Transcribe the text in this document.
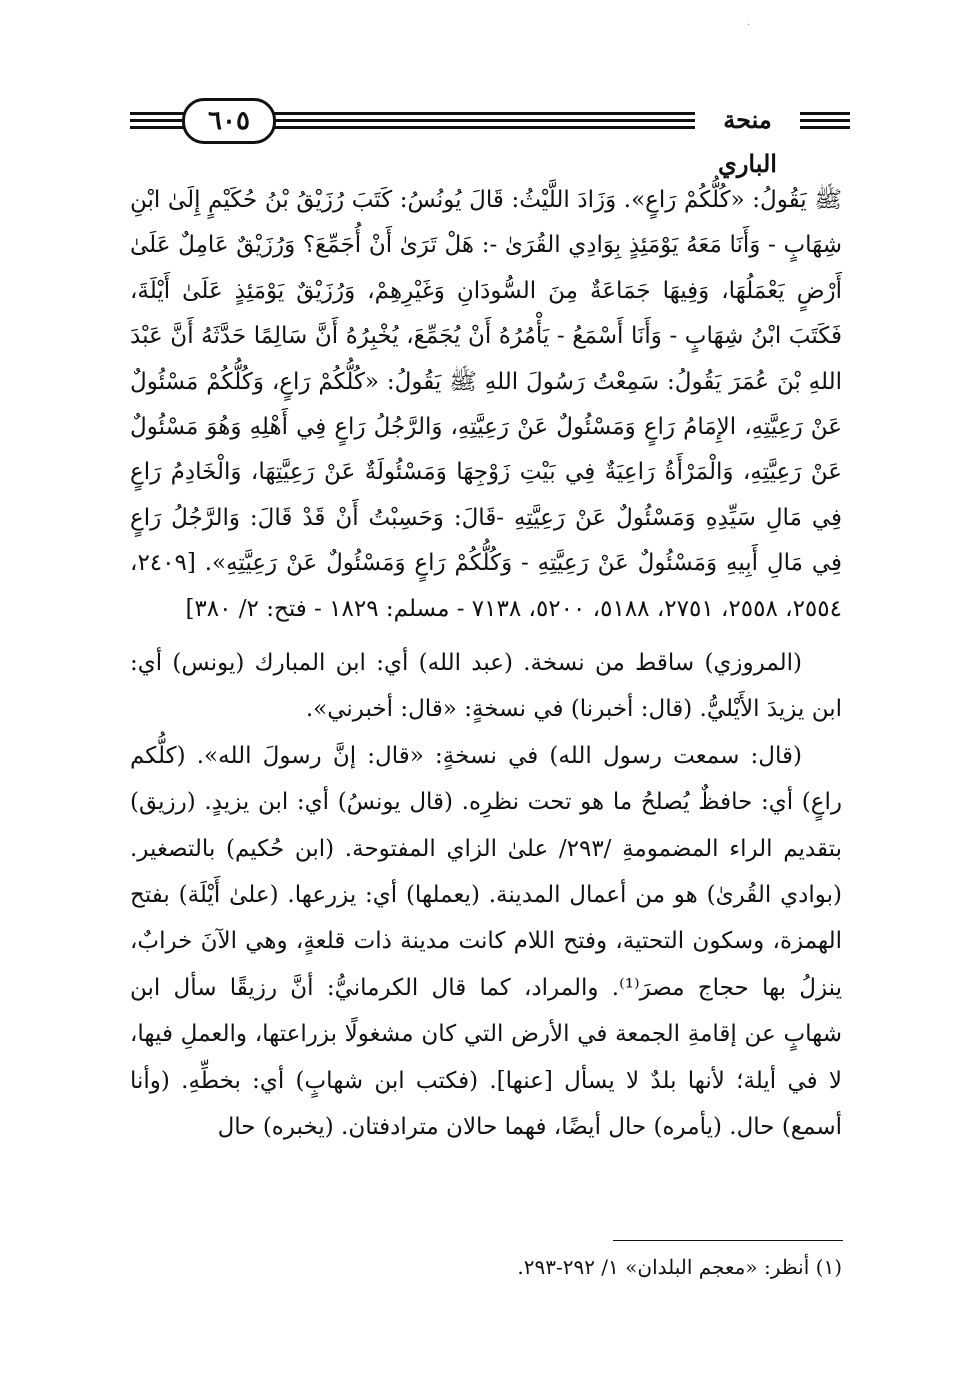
·
٦٠٥	منحة الباري

ﷺ يَقُولُ: «كُلُّكُمْ رَاعٍ». وَزَادَ اللَّيْثُ: قَالَ يُونُسُ: كَتَبَ رُزَيْقُ بْنُ حُكَيْمٍ إِلَىٰ ابْنِ شِهَابٍ - وَأَنَا مَعَهُ يَوْمَئِذٍ بِوَادِي القُرَىٰ -: هَلْ تَرَىٰ أَنْ أُجَمِّعَ؟ وَرُزَيْقٌ عَامِلٌ عَلَىٰ أَرْضٍ يَعْمَلُهَا، وَفِيهَا جَمَاعَةٌ مِنَ السُّودَانِ وَغَيْرِهِمْ، وَرُزَيْقٌ يَوْمَئِذٍ عَلَىٰ أَيْلَةَ، فَكَتَبَ ابْنُ شِهَابٍ - وَأَنَا أَسْمَعُ - يَأْمُرُهُ أَنْ يُجَمِّعَ، يُخْبِرُهُ أَنَّ سَالِمًا حَدَّثَهُ أَنَّ عَبْدَ اللهِ بْنَ عُمَرَ يَقُولُ: سَمِعْتُ رَسُولَ اللهِ ﷺ يَقُولُ: «كُلُّكُمْ رَاعٍ، وَكُلُّكُمْ مَسْئُولٌ عَنْ رَعِيَّتِهِ، الإِمَامُ رَاعٍ وَمَسْئُولٌ عَنْ رَعِيَّتِهِ، وَالرَّجُلُ رَاعٍ فِي أَهْلِهِ وَهُوَ مَسْئُولٌ عَنْ رَعِيَّتِهِ، وَالْمَرْأَةُ رَاعِيَةٌ فِي بَيْتِ زَوْجِهَا وَمَسْئُولَةٌ عَنْ رَعِيَّتِهَا، وَالْخَادِمُ رَاعٍ فِي مَالِ سَيِّدِهِ وَمَسْئُولٌ عَنْ رَعِيَّتِهِ -قَالَ: وَحَسِبْتُ أَنْ قَدْ قَالَ: وَالرَّجُلُ رَاعٍ فِي مَالِ أَبِيهِ وَمَسْئُولٌ عَنْ رَعِيَّتِهِ - وَكُلُّكُمْ رَاعٍ وَمَسْئُولٌ عَنْ رَعِيَّتِهِ». [٢٤٠٩، ٢٥٥٤، ٢٥٥٨، ٢٧٥١، ٥١٨٨، ٥٢٠٠، ٧١٣٨ - مسلم: ١٨٢٩ - فتح: ٢/ ٣٨٠]

(المروزي) ساقط من نسخة. (عبد الله) أي: ابن المبارك (يونس) أي: ابن يزيدَ الأَيْليُّ. (قال: أخبرنا) في نسخةٍ: «قال: أخبرني».

(قال: سمعت رسول الله) في نسخةٍ: «قال: إنَّ رسولَ الله». (كلُّكم راعٍ) أي: حافظٌ يُصلحُ ما هو تحت نظرِه. (قال يونسُ) أي: ابن يزيدٍ. (رزيق) بتقديم الراء المضمومةِ /٢٩٣/ علىٰ الزاي المفتوحة. (ابن حُكيم) بالتصغير. (بوادي القُرىٰ) هو من أعمال المدينة. (يعملها) أي: يزرعها. (علىٰ أَيْلَة) بفتح الهمزة، وسكون التحتية، وفتح اللام كانت مدينة ذات قلعةٍ، وهي الآنَ خرابٌ، ينزلُ بها حجاج مصرَ⁽¹⁾. والمراد، كما قال الكرمانيُّ: أنَّ رزيقًا سأل ابن شهابٍ عن إقامةِ الجمعة في الأرض التي كان مشغولًا بزراعتها، والعملِ فيها، لا في أيلة؛ لأنها بلدٌ لا يسأل [عنها]. (فكتب ابن شهابٍ) أي: بخطِّهِ. (وأنا أسمع) حال. (يأمره) حال أيضًا، فهما حالان مترادفتان. (يخبره) حال

(١) أنظر: «معجم البلدان» ١/ ٢٩٢-٢٩٣.
